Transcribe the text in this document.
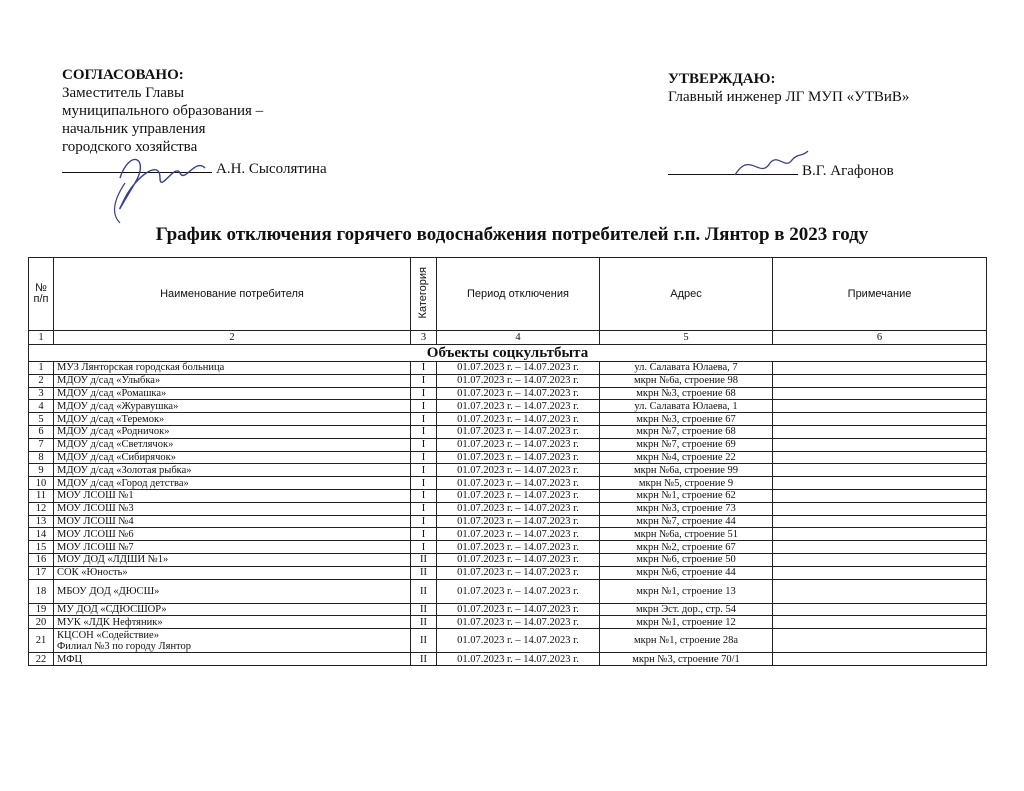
СОГЛАСОВАНО:
Заместитель Главы
муниципального образования –
начальник управления
городского хозяйства
А.Н. Сысолятина
УТВЕРЖДАЮ:
Главный инженер ЛГ МУП «УТВиВ»
В.Г. Агафонов
График отключения горячего водоснабжения потребителей г.п. Лянтор в 2023 году
№ п/п	Наименование потребителя	Категория	Период отключения	Адрес	Примечание
1	2	3	4	5	6
Объекты соцкультбыта					
1	МУЗ Лянторская городская больница	I	01.07.2023 г. – 14.07.2023 г.	ул. Салавата Юлаева, 7	
2	МДОУ д/сад «Улыбка»	I	01.07.2023 г. – 14.07.2023 г.	мкрн №6а, строение 98	
3	МДОУ д/сад «Ромашка»	I	01.07.2023 г. – 14.07.2023 г.	мкрн №3, строение 68	
4	МДОУ д/сад «Журавушка»	I	01.07.2023 г. – 14.07.2023 г.	ул. Салавата Юлаева, 1	
5	МДОУ д/сад «Теремок»	I	01.07.2023 г. – 14.07.2023 г.	мкрн №3, строение 67	
6	МДОУ д/сад «Родничок»	I	01.07.2023 г. – 14.07.2023 г.	мкрн №7, строение 68	
7	МДОУ д/сад «Светлячок»	I	01.07.2023 г. – 14.07.2023 г.	мкрн №7, строение 69	
8	МДОУ д/сад «Сибирячок»	I	01.07.2023 г. – 14.07.2023 г.	мкрн №4, строение 22	
9	МДОУ д/сад «Золотая рыбка»	I	01.07.2023 г. – 14.07.2023 г.	мкрн №6а, строение 99	
10	МДОУ д/сад «Город детства»	I	01.07.2023 г. – 14.07.2023 г.	мкрн №5, строение 9	
11	МОУ ЛСОШ №1	I	01.07.2023 г. – 14.07.2023 г.	мкрн №1, строение 62	
12	МОУ ЛСОШ №3	I	01.07.2023 г. – 14.07.2023 г.	мкрн №3, строение 73	
13	МОУ ЛСОШ №4	I	01.07.2023 г. – 14.07.2023 г.	мкрн №7, строение 44	
14	МОУ ЛСОШ №6	I	01.07.2023 г. – 14.07.2023 г.	мкрн №6а, строение 51	
15	МОУ ЛСОШ №7	I	01.07.2023 г. – 14.07.2023 г.	мкрн №2, строение 67	
16	МОУ ДОД «ЛДШИ №1»	II	01.07.2023 г. – 14.07.2023 г.	мкрн №6, строение 50	
17	СОК «Юность»	II	01.07.2023 г. – 14.07.2023 г.	мкрн №6, строение 44	
18	МБОУ ДОД «ДЮСШ»	II	01.07.2023 г. – 14.07.2023 г.	мкрн №1, строение 13	
19	МУ ДОД «СДЮСШОР»	II	01.07.2023 г. – 14.07.2023 г.	мкрн Эст. дор., стр. 54	
20	МУК «ЛДК Нефтяник»	II	01.07.2023 г. – 14.07.2023 г.	мкрн №1, строение 12	
21	КЦСОН «Содействие»
Филиал №3 по городу Лянтор	II	01.07.2023 г. – 14.07.2023 г.	мкрн №1, строение 28а	
22	МФЦ	II	01.07.2023 г. – 14.07.2023 г.	мкрн №3, строение 70/1	
